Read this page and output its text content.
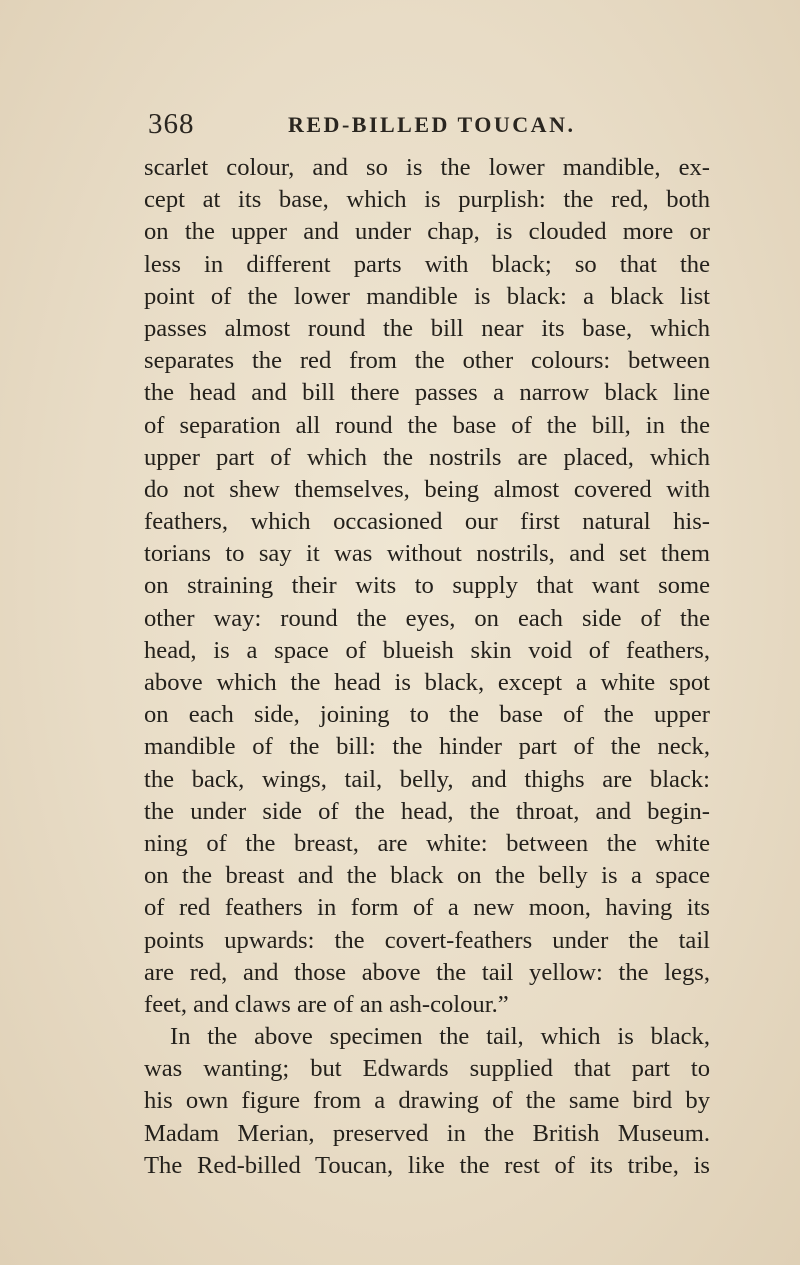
368	RED-BILLED TOUCAN.
scarlet colour, and so is the lower mandible, ex-
cept at its base, which is purplish: the red, both
on the upper and under chap, is clouded more or
less in different parts with black; so that the
point of the lower mandible is black: a black list
passes almost round the bill near its base, which
separates the red from the other colours: between
the head and bill there passes a narrow black line
of separation all round the base of the bill, in the
upper part of which the nostrils are placed, which
do not shew themselves, being almost covered with
feathers, which occasioned our first natural his-
torians to say it was without nostrils, and set them
on straining their wits to supply that want some
other way: round the eyes, on each side of the
head, is a space of blueish skin void of feathers,
above which the head is black, except a white spot
on each side, joining to the base of the upper
mandible of the bill: the hinder part of the neck,
the back, wings, tail, belly, and thighs are black:
the under side of the head, the throat, and begin-
ning of the breast, are white: between the white
on the breast and the black on the belly is a space
of red feathers in form of a new moon, having its
points upwards: the covert-feathers under the tail
are red, and those above the tail yellow: the legs,
feet, and claws are of an ash-colour.”
In the above specimen the tail, which is black,
was wanting; but Edwards supplied that part to
his own figure from a drawing of the same bird by
Madam Merian, preserved in the British Museum.
The Red-billed Toucan, like the rest of its tribe, is
